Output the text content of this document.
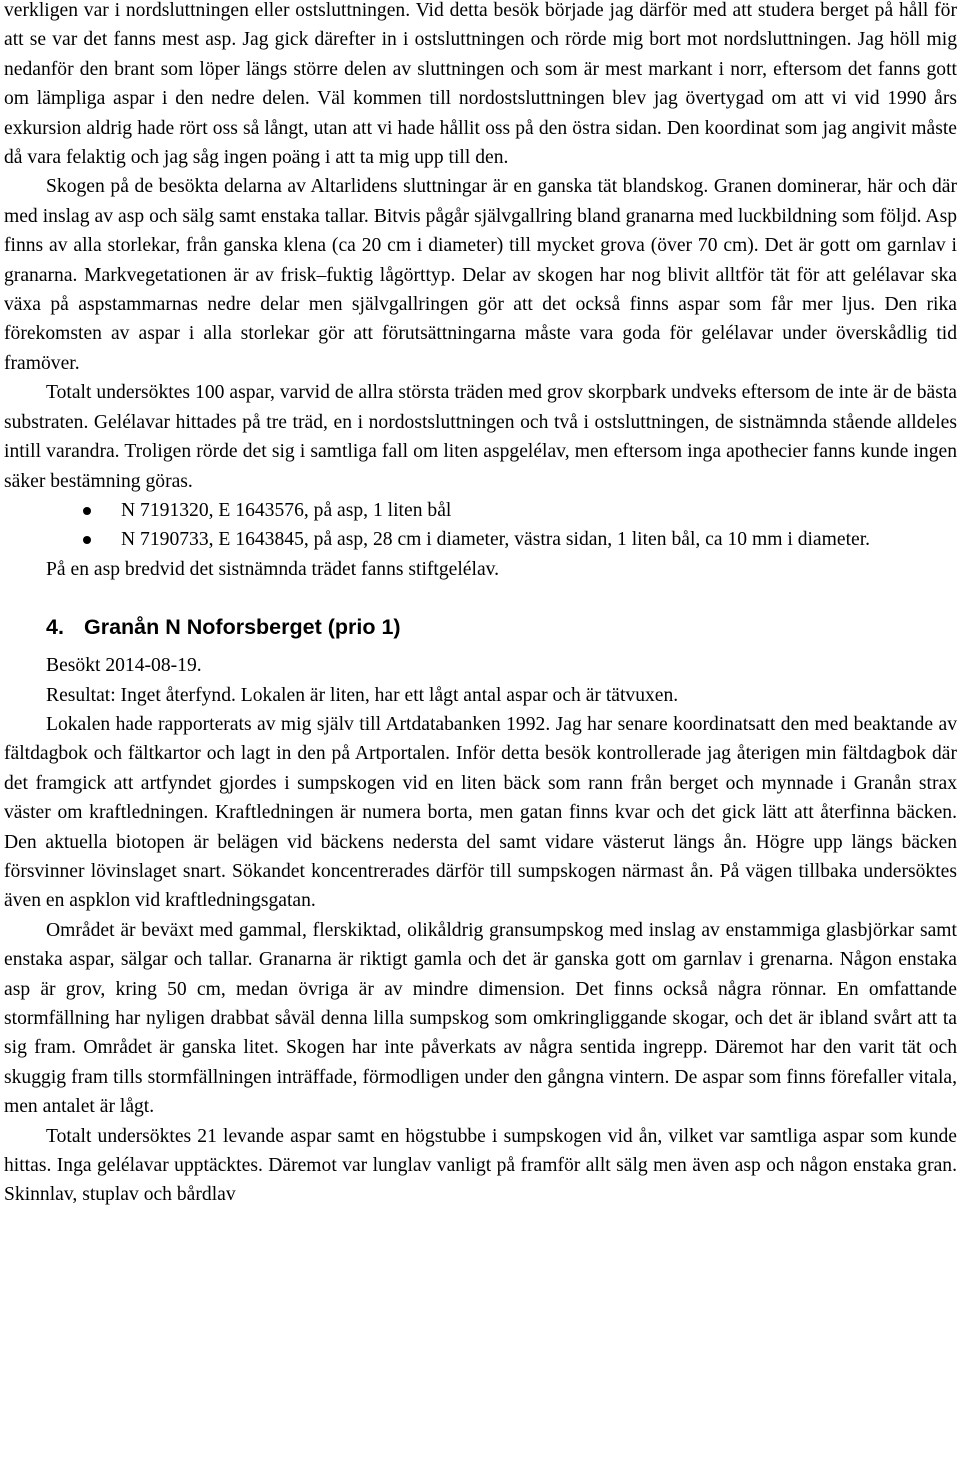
verkligen var i nordsluttningen eller ostsluttningen. Vid detta besök började jag därför med att studera berget på håll för att se var det fanns mest asp. Jag gick därefter in i ostsluttningen och rörde mig bort mot nordsluttningen. Jag höll mig nedanför den brant som löper längs större delen av sluttningen och som är mest markant i norr, eftersom det fanns gott om lämpliga aspar i den nedre delen. Väl kommen till nordostsluttningen blev jag övertygad om att vi vid 1990 års exkursion aldrig hade rört oss så långt, utan att vi hade hållit oss på den östra sidan. Den koordinat som jag angivit måste då vara felaktig och jag såg ingen poäng i att ta mig upp till den.

Skogen på de besökta delarna av Altarlidens sluttningar är en ganska tät blandskog. Granen dominerar, här och där med inslag av asp och sälg samt enstaka tallar. Bitvis pågår självgallring bland granarna med luckbildning som följd. Asp finns av alla storlekar, från ganska klena (ca 20 cm i diameter) till mycket grova (över 70 cm). Det är gott om garnlav i granarna. Markvegetationen är av frisk–fuktig lågörttyp. Delar av skogen har nog blivit alltför tät för att gelélavar ska växa på aspstammarnas nedre delar men självgallringen gör att det också finns aspar som får mer ljus. Den rika förekomsten av aspar i alla storlekar gör att förutsättningarna måste vara goda för gelélavar under överskådlig tid framöver.

Totalt undersöktes 100 aspar, varvid de allra största träden med grov skorpbark undveks eftersom de inte är de bästa substraten. Gelélavar hittades på tre träd, en i nordostsluttningen och två i ostsluttningen, de sistnämnda stående alldeles intill varandra. Troligen rörde det sig i samtliga fall om liten aspgelélav, men eftersom inga apothecier fanns kunde ingen säker bestämning göras.

N 7191320, E 1643576, på asp, 1 liten bål
N 7190733, E 1643845, på asp, 28 cm i diameter, västra sidan, 1 liten bål, ca 10 mm i diameter.

På en asp bredvid det sistnämnda trädet fanns stiftgelélav.

4. Granån N Noforsberget (prio 1)

Besökt 2014-08-19.

Resultat: Inget återfynd. Lokalen är liten, har ett lågt antal aspar och är tätvuxen.

Lokalen hade rapporterats av mig själv till Artdatabanken 1992. Jag har senare koordinatsatt den med beaktande av fältdagbok och fältkartor och lagt in den på Artportalen. Inför detta besök kontrollerade jag återigen min fältdagbok där det framgick att artfyndet gjordes i sumpskogen vid en liten bäck som rann från berget och mynnade i Granån strax väster om kraftledningen. Kraftledningen är numera borta, men gatan finns kvar och det gick lätt att återfinna bäcken. Den aktuella biotopen är belägen vid bäckens nedersta del samt vidare västerut längs ån. Högre upp längs bäcken försvinner lövinslaget snart. Sökandet koncentrerades därför till sumpskogen närmast ån. På vägen tillbaka undersöktes även en aspklon vid kraftledningsgatan.

Området är beväxt med gammal, flerskiktad, olikåldrig gransumpskog med inslag av enstammiga glasbjörkar samt enstaka aspar, sälgar och tallar. Granarna är riktigt gamla och det är ganska gott om garnlav i grenarna. Någon enstaka asp är grov, kring 50 cm, medan övriga är av mindre dimension. Det finns också några rönnar. En omfattande stormfällning har nyligen drabbat såväl denna lilla sumpskog som omkringliggande skogar, och det är ibland svårt att ta sig fram. Området är ganska litet. Skogen har inte påverkats av några sentida ingrepp. Däremot har den varit tät och skuggig fram tills stormfällningen inträffade, förmodligen under den gångna vintern. De aspar som finns förefaller vitala, men antalet är lågt.

Totalt undersöktes 21 levande aspar samt en högstubbe i sumpskogen vid ån, vilket var samtliga aspar som kunde hittas. Inga gelélavar upptäcktes. Däremot var lunglav vanligt på framför allt sälg men även asp och någon enstaka gran. Skinnlav, stuplav och bårdlav
